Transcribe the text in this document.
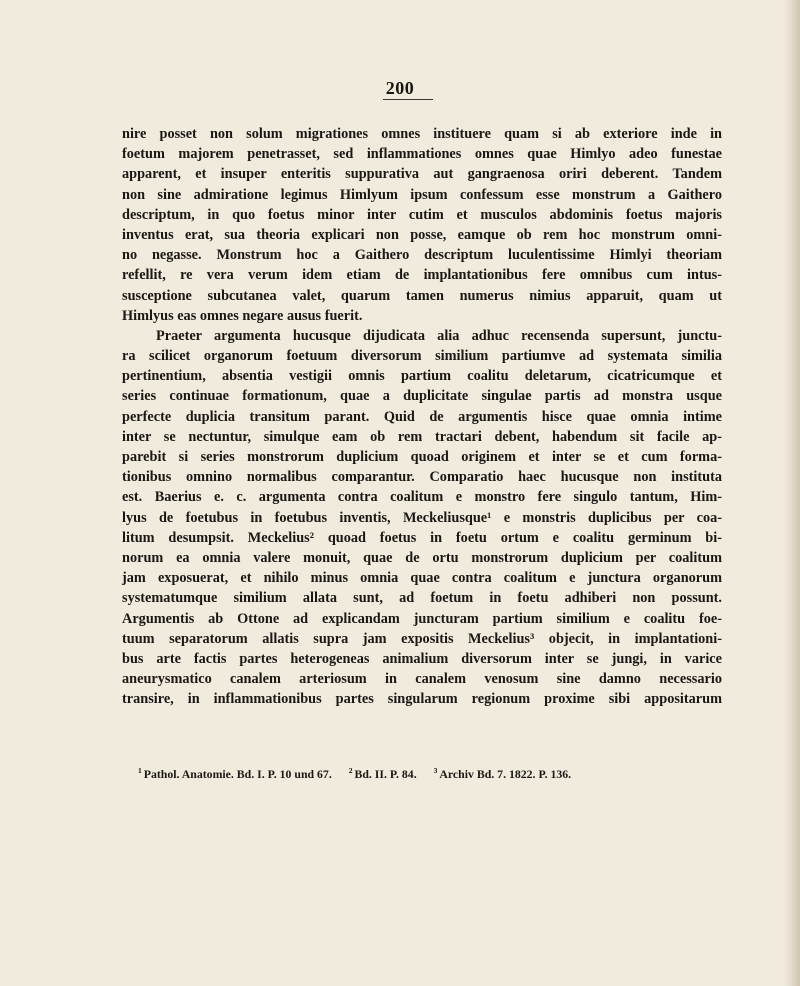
200
nire posset non solum migrationes omnes instituere quam si ab exteriore inde in
foetum majorem penetrasset, sed inflammationes omnes quae Himlyo adeo funestae
apparent, et insuper enteritis suppurativa aut gangraenosa oriri deberent. Tandem
non sine admiratione legimus Himlyum ipsum confessum esse monstrum a Gaithero
descriptum, in quo foetus minor inter cutim et musculos abdominis foetus majoris
inventus erat, sua theoria explicari non posse, eamque ob rem hoc monstrum omni-
no negasse. Monstrum hoc a Gaithero descriptum luculentissime Himlyi theoriam
refellit, re vera verum idem etiam de implantationibus fere omnibus cum intus-
susceptione subcutanea valet, quarum tamen numerus nimius apparuit, quam ut
Himlyus eas omnes negare ausus fuerit.
Praeter argumenta hucusque dijudicata alia adhuc recensenda supersunt, junctu-
ra scilicet organorum foetuum diversorum similium partiumve ad systemata similia
pertinentium, absentia vestigii omnis partium coalitu deletarum, cicatricumque et
series continuae formationum, quae a duplicitate singulae partis ad monstra usque
perfecte duplicia transitum parant. Quid de argumentis hisce quae omnia intime
inter se nectuntur, simulque eam ob rem tractari debent, habendum sit facile ap-
parebit si series monstrorum duplicium quoad originem et inter se et cum forma-
tionibus omnino normalibus comparantur. Comparatio haec hucusque non instituta
est. Baerius e. c. argumenta contra coalitum e monstro fere singulo tantum, Him-
lyus de foetubus in foetubus inventis, Meckeliusque¹ e monstris duplicibus per coa-
litum desumpsit. Meckelius² quoad foetus in foetu ortum e coalitu germinum bi-
norum ea omnia valere monuit, quae de ortu monstrorum duplicium per coalitum
jam exposuerat, et nihilo minus omnia quae contra coalitum e junctura organorum
systematumque similium allata sunt, ad foetum in foetu adhiberi non possunt.
Argumentis ab Ottone ad explicandam juncturam partium similium e coalitu foe-
tuum separatorum allatis supra jam expositis Meckelius³ objecit, in implantationi-
bus arte factis partes heterogeneas animalium diversorum inter se jungi, in varice
aneurysmatico canalem arteriosum in canalem venosum sine damno necessario
transire, in inflammationibus partes singularum regionum proxime sibi appositarum
$^1$ Pathol. Anatomie. Bd. I. P. 10 und 67. $^2$ Bd. II. P. 84. $^3$ Archiv Bd. 7. 1822. P. 136.
